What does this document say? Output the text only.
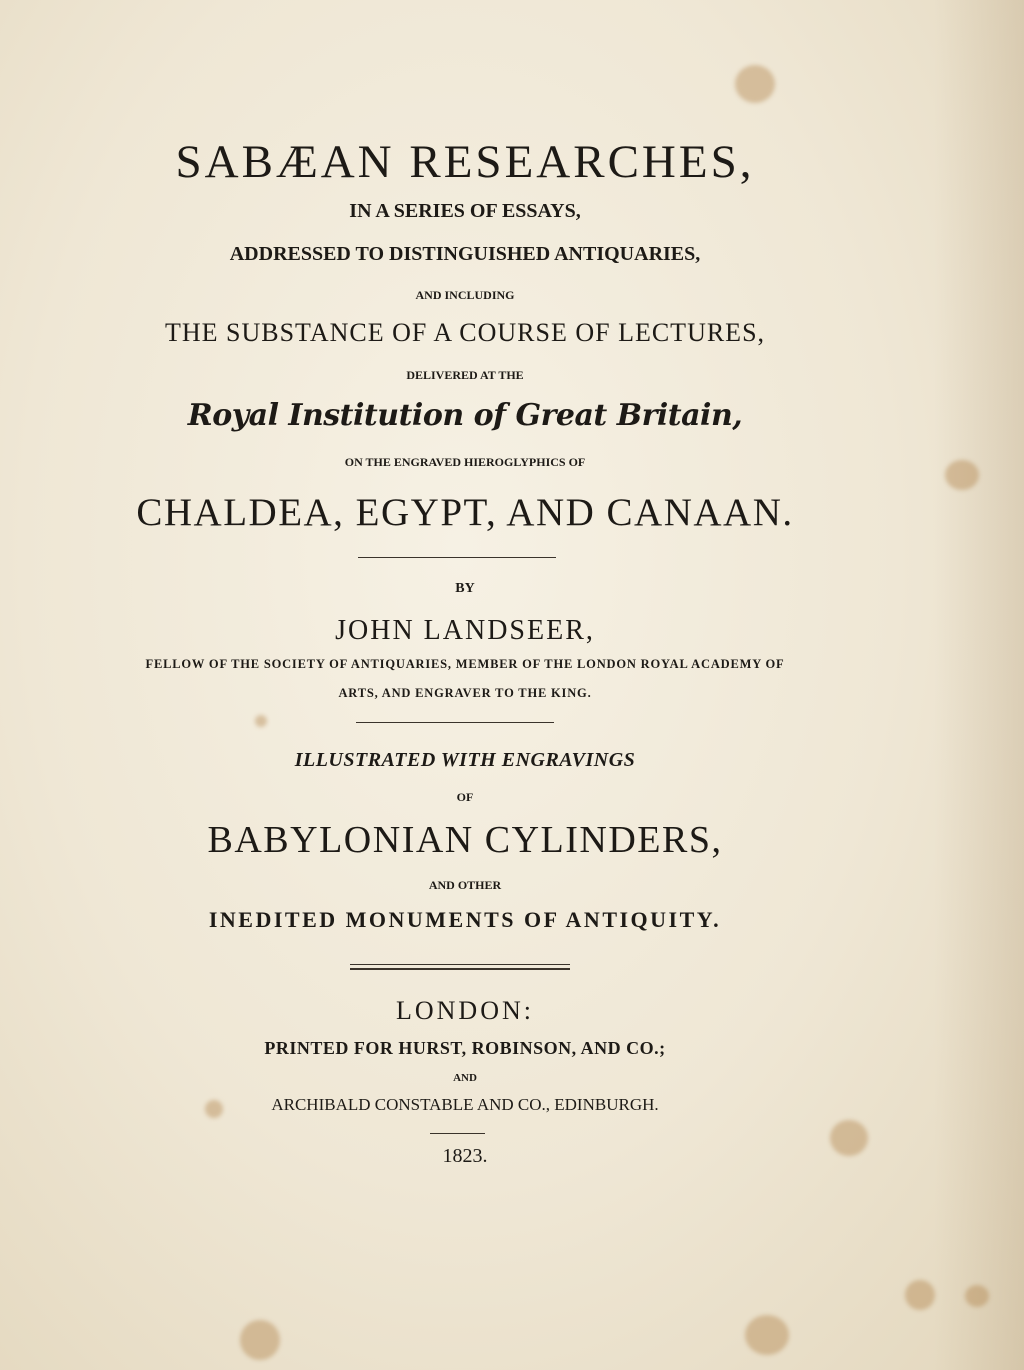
SABÆAN RESEARCHES,
IN A SERIES OF ESSAYS,
ADDRESSED TO DISTINGUISHED ANTIQUARIES,
AND INCLUDING
THE SUBSTANCE OF A COURSE OF LECTURES,
DELIVERED AT THE
Royal Institution of Great Britain,
ON THE ENGRAVED HIEROGLYPHICS OF
CHALDEA, EGYPT, AND CANAAN.
BY
JOHN LANDSEER,
FELLOW OF THE SOCIETY OF ANTIQUARIES, MEMBER OF THE LONDON ROYAL ACADEMY OF
ARTS, AND ENGRAVER TO THE KING.
ILLUSTRATED WITH ENGRAVINGS
OF
BABYLONIAN CYLINDERS,
AND OTHER
INEDITED MONUMENTS OF ANTIQUITY.
LONDON:
PRINTED FOR HURST, ROBINSON, AND CO.;
AND
ARCHIBALD CONSTABLE AND CO., EDINBURGH.
1823.
